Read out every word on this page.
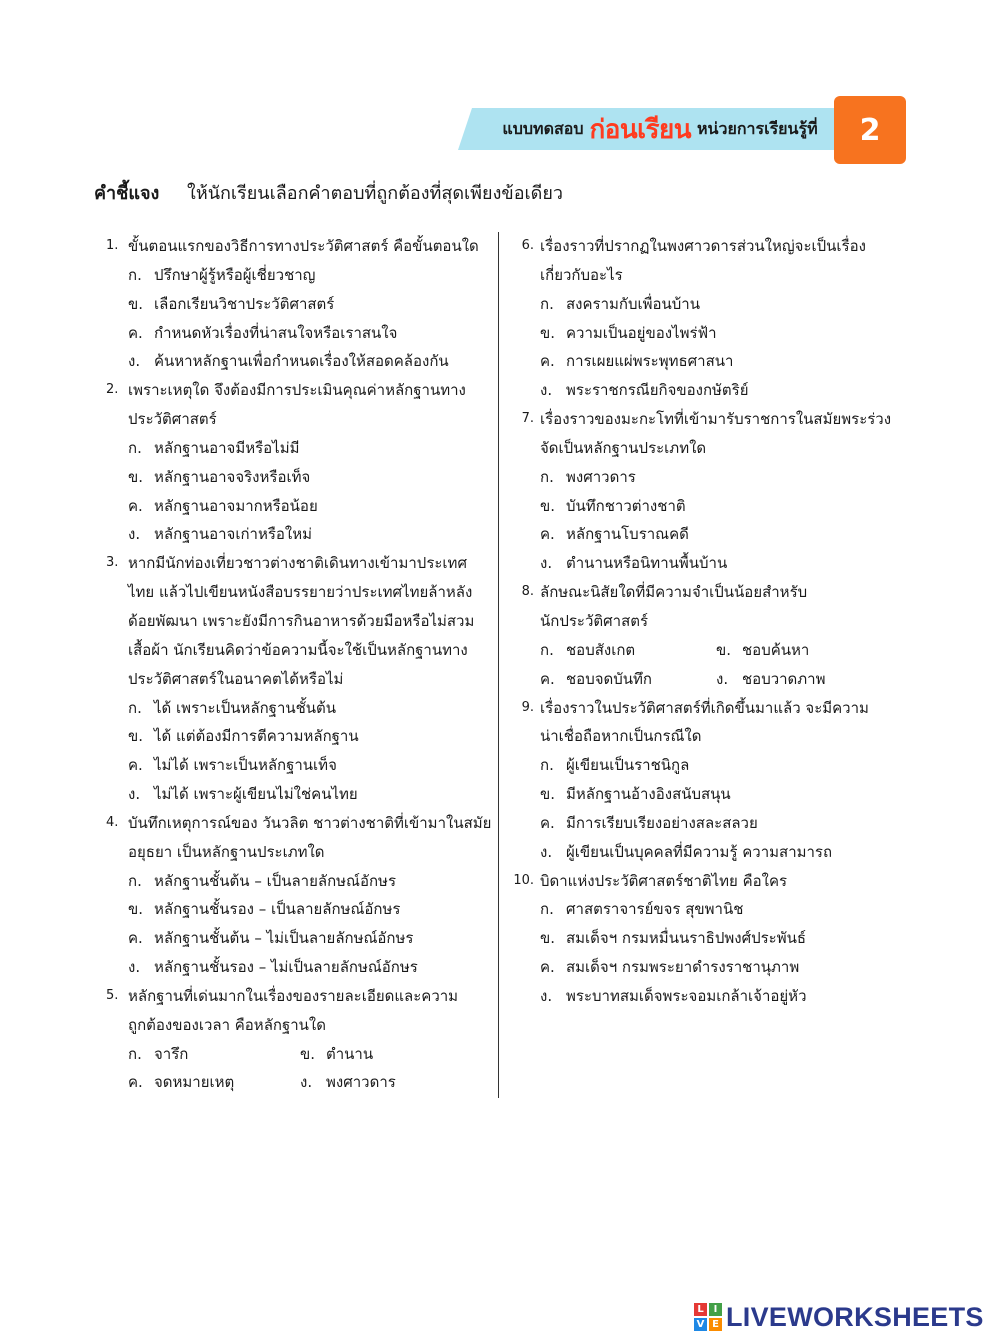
แบบทดสอบ ก่อนเรียน หน่วยการเรียนรู้ที่	2
คำชี้แจง ให้นักเรียนเลือกคำตอบที่ถูกต้องที่สุดเพียงข้อเดียว
1. ขั้นตอนแรกของวิธีการทางประวัติศาสตร์ คือขั้นตอนใด
ก. ปรึกษาผู้รู้หรือผู้เชี่ยวชาญ
ข. เลือกเรียนวิชาประวัติศาสตร์
ค. กำหนดหัวเรื่องที่น่าสนใจหรือเราสนใจ
ง. ค้นหาหลักฐานเพื่อกำหนดเรื่องให้สอดคล้องกัน
2. เพราะเหตุใด จึงต้องมีการประเมินคุณค่าหลักฐานทาง
ประวัติศาสตร์
ก. หลักฐานอาจมีหรือไม่มี
ข. หลักฐานอาจจริงหรือเท็จ
ค. หลักฐานอาจมากหรือน้อย
ง. หลักฐานอาจเก่าหรือใหม่
3. หากมีนักท่องเที่ยวชาวต่างชาติเดินทางเข้ามาประเทศ
ไทย แล้วไปเขียนหนังสือบรรยายว่าประเทศไทยล้าหลัง
ด้อยพัฒนา เพราะยังมีการกินอาหารด้วยมือหรือไม่สวม
เสื้อผ้า นักเรียนคิดว่าข้อความนี้จะใช้เป็นหลักฐานทาง
ประวัติศาสตร์ในอนาคตได้หรือไม่
ก. ได้ เพราะเป็นหลักฐานชั้นต้น
ข. ได้ แต่ต้องมีการตีความหลักฐาน
ค. ไม่ได้ เพราะเป็นหลักฐานเท็จ
ง. ไม่ได้ เพราะผู้เขียนไม่ใช่คนไทย
4. บันทึกเหตุการณ์ของ วันวลิต ชาวต่างชาติที่เข้ามาในสมัย
อยุธยา เป็นหลักฐานประเภทใด
ก. หลักฐานชั้นต้น – เป็นลายลักษณ์อักษร
ข. หลักฐานชั้นรอง – เป็นลายลักษณ์อักษร
ค. หลักฐานชั้นต้น – ไม่เป็นลายลักษณ์อักษร
ง. หลักฐานชั้นรอง – ไม่เป็นลายลักษณ์อักษร
5. หลักฐานที่เด่นมากในเรื่องของรายละเอียดและความ
ถูกต้องของเวลา คือหลักฐานใด
ก. จารึก	ข. ตำนาน
ค. จดหมายเหตุ	ง. พงศาวดาร
6. เรื่องราวที่ปรากฏในพงศาวดารส่วนใหญ่จะเป็นเรื่อง
เกี่ยวกับอะไร
ก. สงครามกับเพื่อนบ้าน
ข. ความเป็นอยู่ของไพร่ฟ้า
ค. การเผยแผ่พระพุทธศาสนา
ง. พระราชกรณียกิจของกษัตริย์
7. เรื่องราวของมะกะโทที่เข้ามารับราชการในสมัยพระร่วง
จัดเป็นหลักฐานประเภทใด
ก. พงศาวดาร
ข. บันทึกชาวต่างชาติ
ค. หลักฐานโบราณคดี
ง. ตำนานหรือนิทานพื้นบ้าน
8. ลักษณะนิสัยใดที่มีความจำเป็นน้อยสำหรับ
นักประวัติศาสตร์
ก. ชอบสังเกต	ข. ชอบค้นหา
ค. ชอบจดบันทึก	ง. ชอบวาดภาพ
9. เรื่องราวในประวัติศาสตร์ที่เกิดขึ้นมาแล้ว จะมีความ
น่าเชื่อถือหากเป็นกรณีใด
ก. ผู้เขียนเป็นราชนิกูล
ข. มีหลักฐานอ้างอิงสนับสนุน
ค. มีการเรียบเรียงอย่างสละสลวย
ง. ผู้เขียนเป็นบุคคลที่มีความรู้ ความสามารถ
10. บิดาแห่งประวัติศาสตร์ชาติไทย คือใคร
ก. ศาสตราจารย์ขจร สุขพานิช
ข. สมเด็จฯ กรมหมื่นนราธิปพงศ์ประพันธ์
ค. สมเด็จฯ กรมพระยาดำรงราชานุภาพ
ง. พระบาทสมเด็จพระจอมเกล้าเจ้าอยู่หัว
L I
V E LIVEWORKSHEETS
